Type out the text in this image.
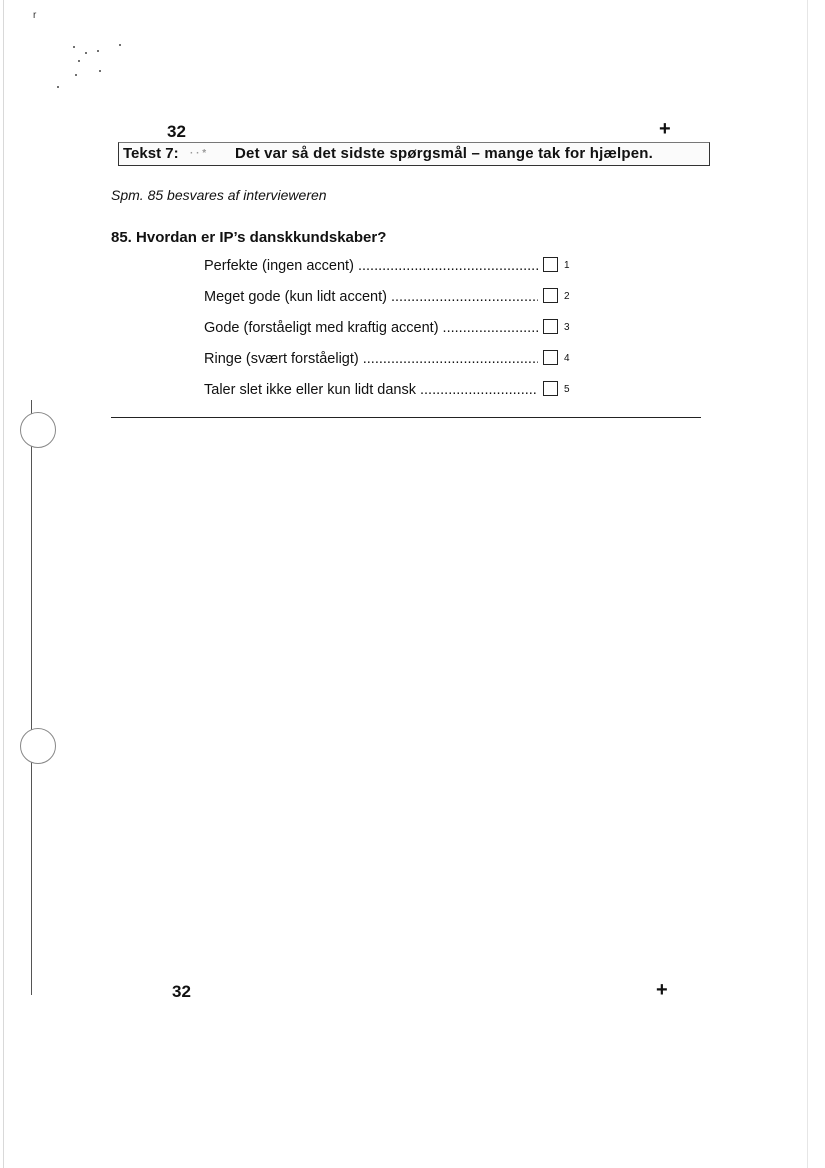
r
32	+
Tekst 7: · · * Det var så det sidste spørgsmål – mange tak for hjælpen.
Spm. 85 besvares af intervieweren
85. Hvordan er IP’s danskkundskaber?
Perfekte (ingen accent) .....	1
Meget gode (kun lidt accent) .....	2
Gode (forståeligt med kraftig accent) .....	3
Ringe (svært forståeligt) .....	4
Taler slet ikke eller kun lidt dansk .....	5
32	+
